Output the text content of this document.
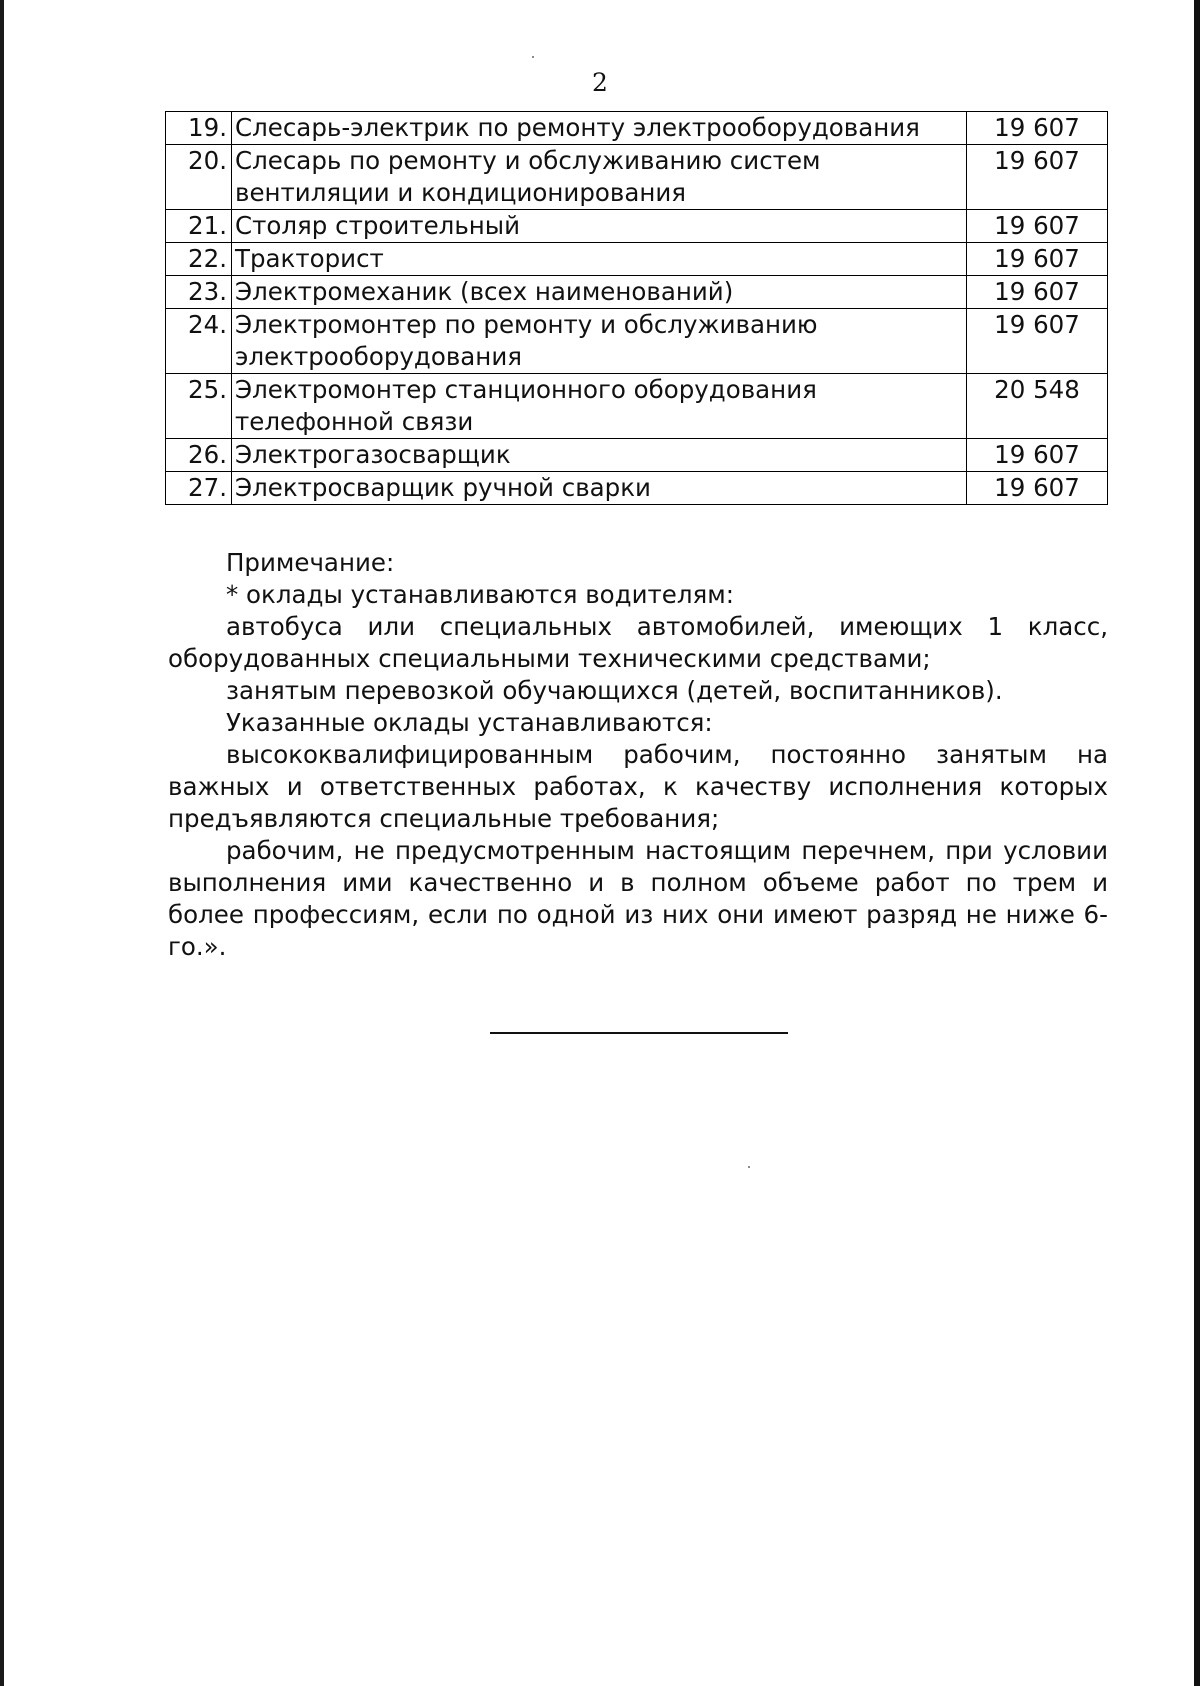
2
19.	Слесарь-электрик по ремонту электрооборудования	19 607
20.	Слесарь по ремонту и обслуживанию систем вентиляции и кондиционирования	19 607
21.	Столяр строительный	19 607
22.	Тракторист	19 607
23.	Электромеханик (всех наименований)	19 607
24.	Электромонтер по ремонту и обслуживанию электрооборудования	19 607
25.	Электромонтер станционного оборудования телефонной связи	20 548
26.	Электрогазосварщик	19 607
27.	Электросварщик ручной сварки	19 607

Примечание:

* оклады устанавливаются водителям:

автобуса или специальных автомобилей, имеющих 1 класс, оборудованных специальными техническими средствами;

занятым перевозкой обучающихся (детей, воспитанников).

Указанные оклады устанавливаются:

высококвалифицированным рабочим, постоянно занятым на важных и ответственных работах, к качеству исполнения которых предъявляются специальные требования;

рабочим, не предусмотренным настоящим перечнем, при условии выполнения ими качественно и в полном объеме работ по трем и более профессиям, если по одной из них они имеют разряд не ниже 6-го.».
